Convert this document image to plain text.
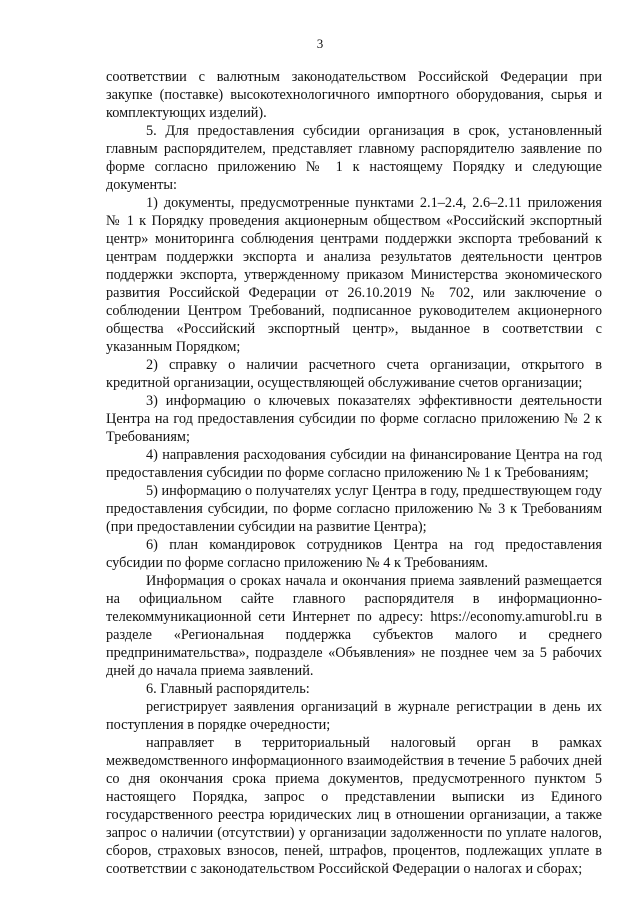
3

соответствии с валютным законодательством Российской Федерации при закупке (поставке) высокотехнологичного импортного оборудования, сырья и комплектующих изделий).

5. Для предоставления субсидии организация в срок, установленный главным распорядителем, представляет главному распорядителю заявление по форме согласно приложению № 1 к настоящему Порядку и следующие документы:

1) документы, предусмотренные пунктами 2.1–2.4, 2.6–2.11 приложения № 1 к Порядку проведения акционерным обществом «Российский экспортный центр» мониторинга соблюдения центрами поддержки экспорта требований к центрам поддержки экспорта и анализа результатов деятельности центров поддержки экспорта, утвержденному приказом Министерства экономического развития Российской Федерации от 26.10.2019 № 702, или заключение о соблюдении Центром Требований, подписанное руководителем акционерного общества «Российский экспортный центр», выданное в соответствии с указанным Порядком;

2) справку о наличии расчетного счета организации, открытого в кредитной организации, осуществляющей обслуживание счетов организации;

3) информацию о ключевых показателях эффективности деятельности Центра на год предоставления субсидии по форме согласно приложению № 2 к Требованиям;

4) направления расходования субсидии на финансирование Центра на год предоставления субсидии по форме согласно приложению № 1 к Требованиям;

5) информацию о получателях услуг Центра в году, предшествующем году предоставления субсидии, по форме согласно приложению № 3 к Требованиям (при предоставлении субсидии на развитие Центра);

6) план командировок сотрудников Центра на год предоставления субсидии по форме согласно приложению № 4 к Требованиям.

Информация о сроках начала и окончания приема заявлений размещается на официальном сайте главного распорядителя в информационно-телекоммуникационной сети Интернет по адресу: https://economy.amurobl.ru в разделе «Региональная поддержка субъектов малого и среднего предпринимательства», подразделе «Объявления» не позднее чем за 5 рабочих дней до начала приема заявлений.

6. Главный распорядитель:

регистрирует заявления организаций в журнале регистрации в день их поступления в порядке очередности;

направляет в территориальный налоговый орган в рамках межведомственного информационного взаимодействия в течение 5 рабочих дней со дня окончания срока приема документов, предусмотренного пунктом 5 настоящего Порядка, запрос о представлении выписки из Единого государственного реестра юридических лиц в отношении организации, а также запрос о наличии (отсутствии) у организации задолженности по уплате налогов, сборов, страховых взносов, пеней, штрафов, процентов, подлежащих уплате в соответствии с законодательством Российской Федерации о налогах и сборах;
